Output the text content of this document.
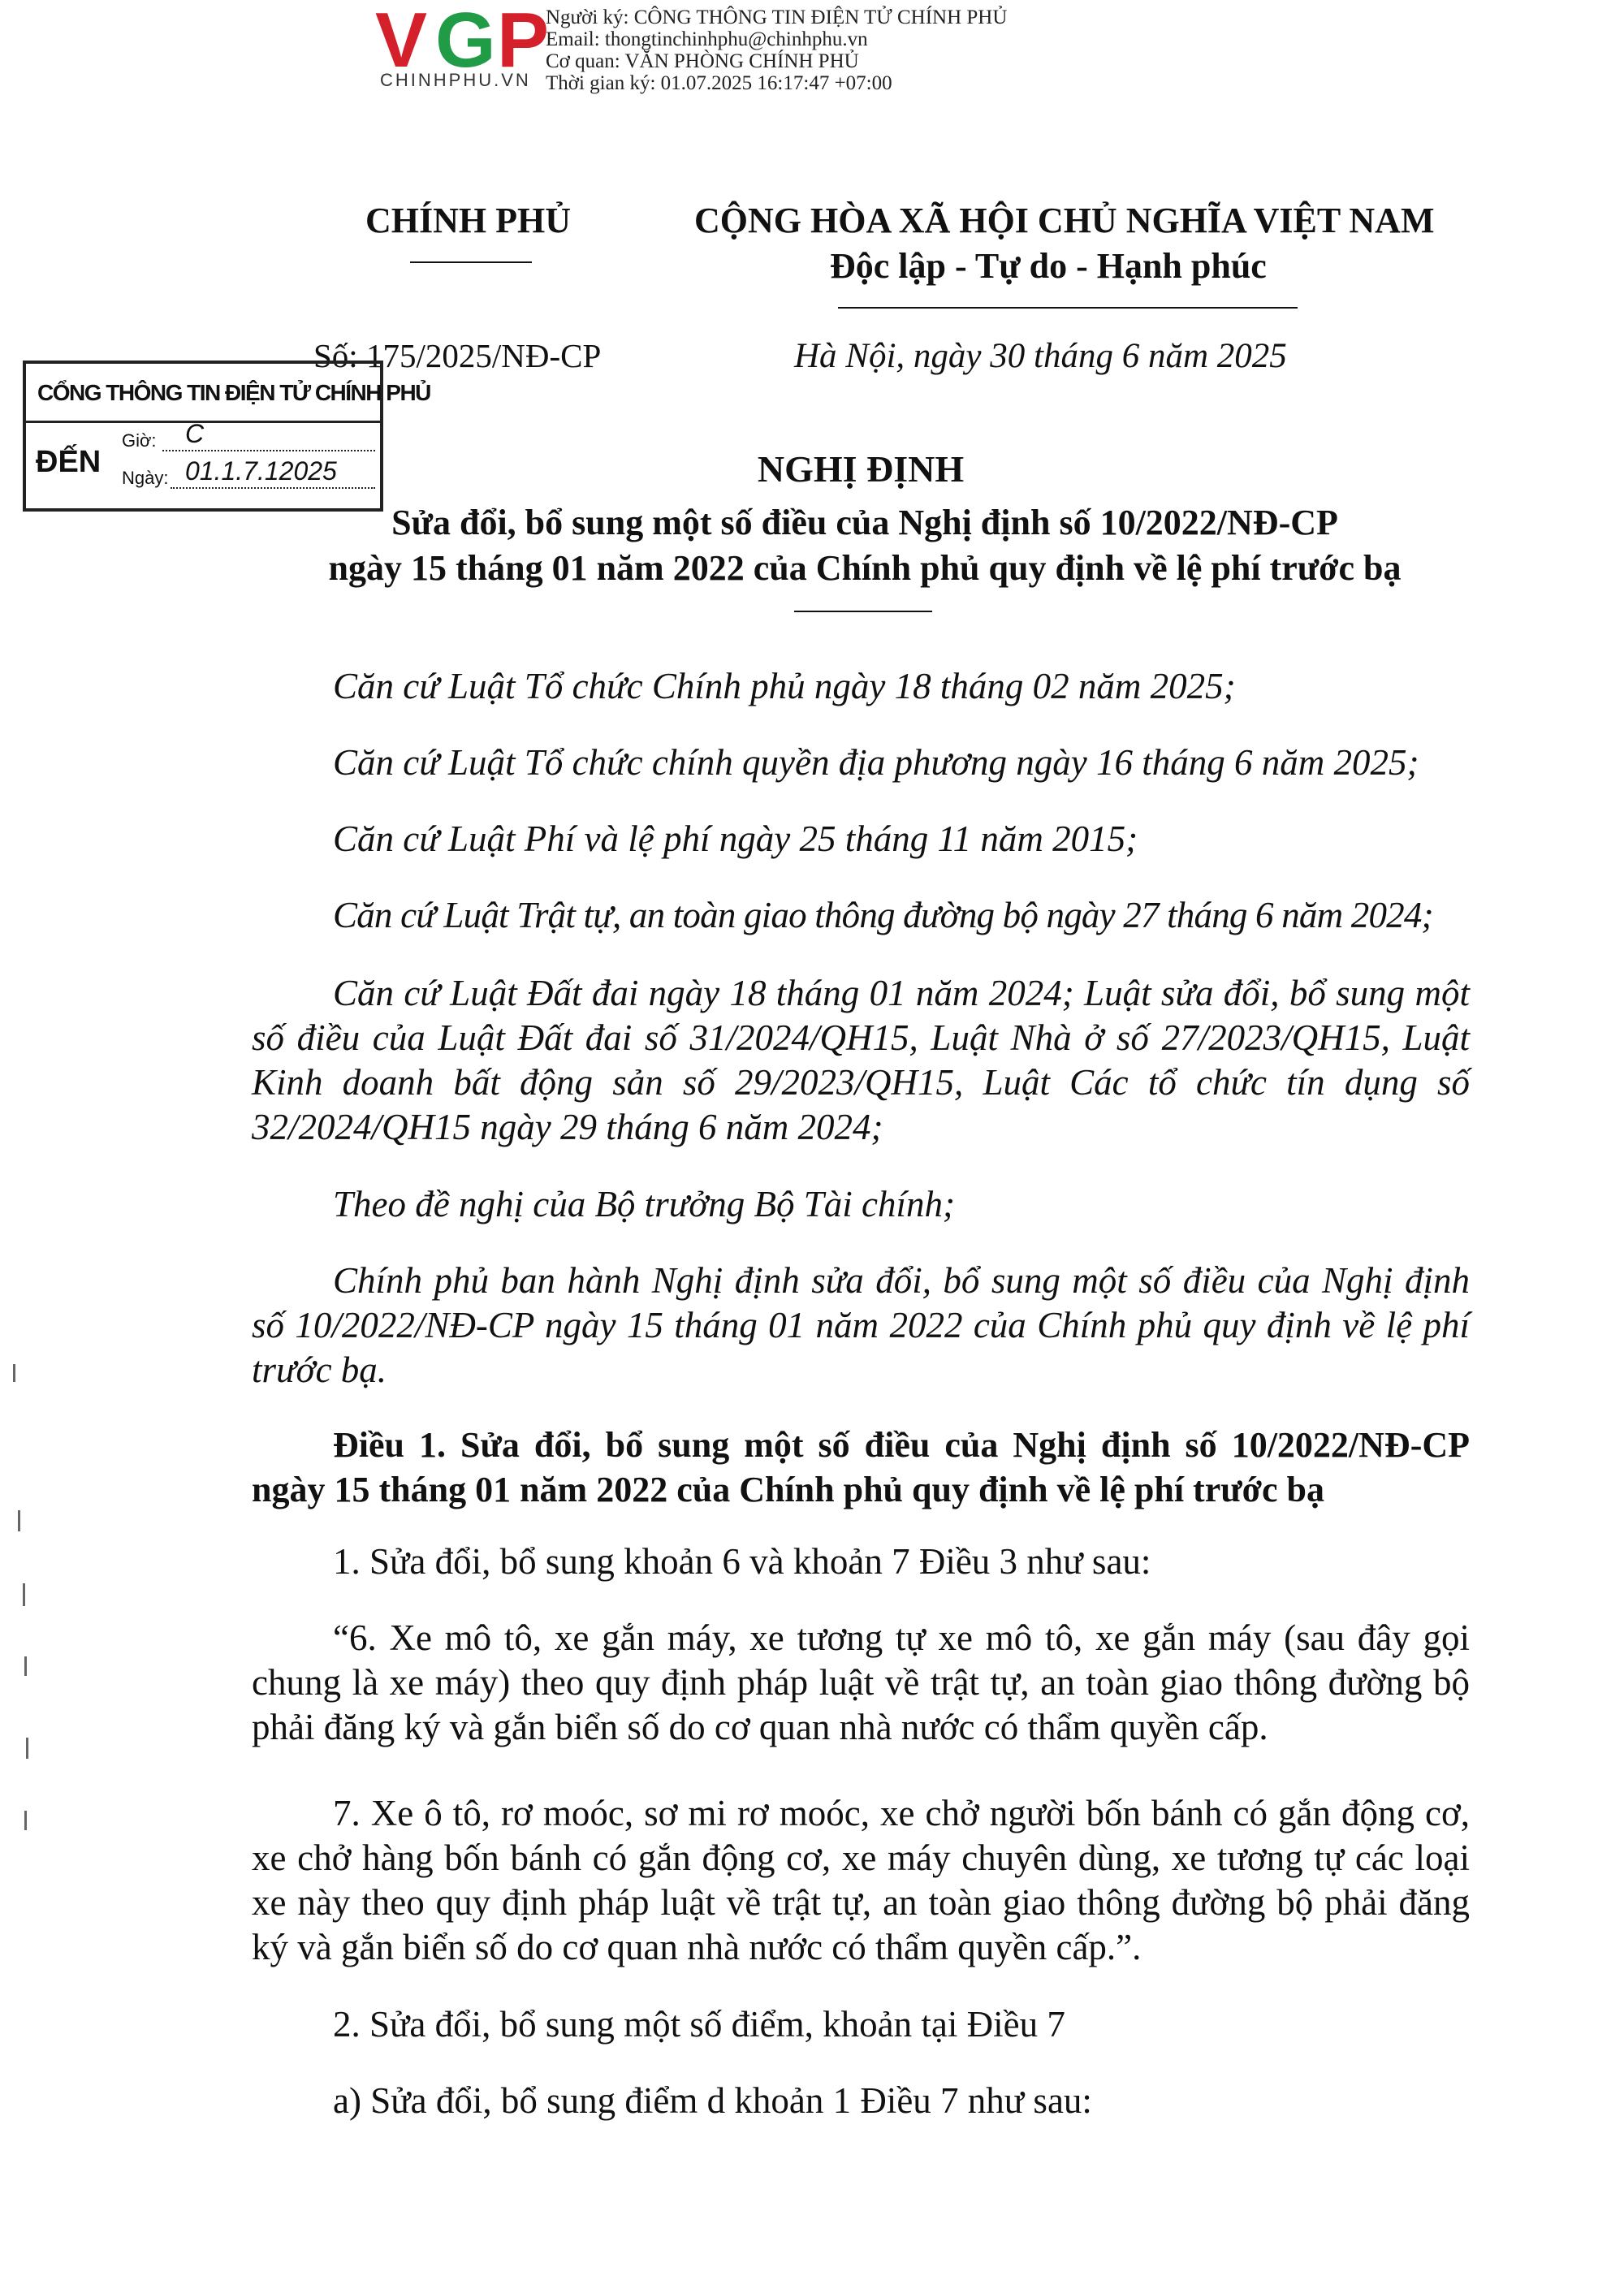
V G P
CHINHPHU.VN
Người ký: CÔNG THÔNG TIN ĐIỆN TỬ CHÍNH PHỦ
Email: thongtinchinhphu@chinhphu.vn
Cơ quan: VĂN PHÒNG CHÍNH PHỦ
Thời gian ký: 01.07.2025 16:17:47 +07:00
CHÍNH PHỦ	CỘNG HÒA XÃ HỘI CHỦ NGHĨA VIỆT NAM
Độc lập - Tự do - Hạnh phúc
Số: 175/2025/NĐ-CP	Hà Nội, ngày 30 tháng 6 năm 2025
CỔNG THÔNG TIN ĐIỆN TỬ CHÍNH PHỦ
ĐẾN
Giờ: C
Ngày: 01.1.7.12025	NGHỊ ĐỊNH
Sửa đổi, bổ sung một số điều của Nghị định số 10/2022/NĐ-CP
ngày 15 tháng 01 năm 2022 của Chính phủ quy định về lệ phí trước bạ
Căn cứ Luật Tổ chức Chính phủ ngày 18 tháng 02 năm 2025;
Căn cứ Luật Tổ chức chính quyền địa phương ngày 16 tháng 6 năm 2025;
Căn cứ Luật Phí và lệ phí ngày 25 tháng 11 năm 2015;
Căn cứ Luật Trật tự, an toàn giao thông đường bộ ngày 27 tháng 6 năm 2024;
Căn cứ Luật Đất đai ngày 18 tháng 01 năm 2024; Luật sửa đổi, bổ sung một số điều của Luật Đất đai số 31/2024/QH15, Luật Nhà ở số 27/2023/QH15, Luật Kinh doanh bất động sản số 29/2023/QH15, Luật Các tổ chức tín dụng số 32/2024/QH15 ngày 29 tháng 6 năm 2024;
Theo đề nghị của Bộ trưởng Bộ Tài chính;
Chính phủ ban hành Nghị định sửa đổi, bổ sung một số điều của Nghị định số 10/2022/NĐ-CP ngày 15 tháng 01 năm 2022 của Chính phủ quy định về lệ phí trước bạ.
Điều 1. Sửa đổi, bổ sung một số điều của Nghị định số 10/2022/NĐ-CP ngày 15 tháng 01 năm 2022 của Chính phủ quy định về lệ phí trước bạ
1. Sửa đổi, bổ sung khoản 6 và khoản 7 Điều 3 như sau:
“6. Xe mô tô, xe gắn máy, xe tương tự xe mô tô, xe gắn máy (sau đây gọi chung là xe máy) theo quy định pháp luật về trật tự, an toàn giao thông đường bộ phải đăng ký và gắn biển số do cơ quan nhà nước có thẩm quyền cấp.
7. Xe ô tô, rơ moóc, sơ mi rơ moóc, xe chở người bốn bánh có gắn động cơ, xe chở hàng bốn bánh có gắn động cơ, xe máy chuyên dùng, xe tương tự các loại xe này theo quy định pháp luật về trật tự, an toàn giao thông đường bộ phải đăng ký và gắn biển số do cơ quan nhà nước có thẩm quyền cấp.”.
2. Sửa đổi, bổ sung một số điểm, khoản tại Điều 7
a) Sửa đổi, bổ sung điểm d khoản 1 Điều 7 như sau:
